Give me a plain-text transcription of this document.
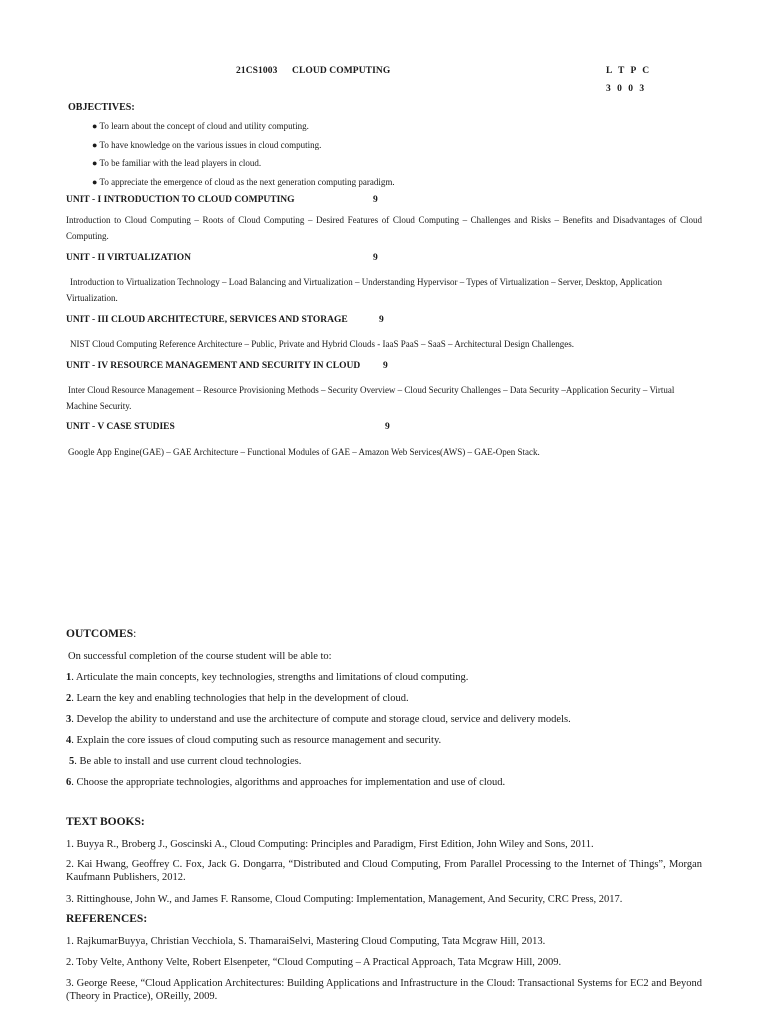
21CS1003 CLOUD COMPUTING	L T P C
3 0 0 3
OBJECTIVES:
● To learn about the concept of cloud and utility computing.
● To have knowledge on the various issues in cloud computing.
● To be familiar with the lead players in cloud.
● To appreciate the emergence of cloud as the next generation computing paradigm.
UNIT - I INTRODUCTION TO CLOUD COMPUTING	9
Introduction to Cloud Computing – Roots of Cloud Computing – Desired Features of Cloud Computing – Challenges and Risks – Benefits and Disadvantages of Cloud Computing.
UNIT - II VIRTUALIZATION	9
Introduction to Virtualization Technology – Load Balancing and Virtualization – Understanding Hypervisor – Types of Virtualization – Server, Desktop, Application Virtualization.
UNIT - III CLOUD ARCHITECTURE, SERVICES AND STORAGE	9
NIST Cloud Computing Reference Architecture – Public, Private and Hybrid Clouds - IaaS PaaS – SaaS – Architectural Design Challenges.
UNIT - IV RESOURCE MANAGEMENT AND SECURITY IN CLOUD 9
Inter Cloud Resource Management – Resource Provisioning Methods – Security Overview – Cloud Security Challenges – Data Security –Application Security – Virtual Machine Security.
UNIT - V CASE STUDIES	9
Google App Engine(GAE) – GAE Architecture – Functional Modules of GAE – Amazon Web Services(AWS) – GAE-Open Stack.
OUTCOMES:
On successful completion of the course student will be able to:
1. Articulate the main concepts, key technologies, strengths and limitations of cloud computing.
2. Learn the key and enabling technologies that help in the development of cloud.
3. Develop the ability to understand and use the architecture of compute and storage cloud, service and delivery models.
4. Explain the core issues of cloud computing such as resource management and security.
5. Be able to install and use current cloud technologies.
6. Choose the appropriate technologies, algorithms and approaches for implementation and use of cloud.
TEXT BOOKS:
1. Buyya R., Broberg J., Goscinski A., Cloud Computing: Principles and Paradigm, First Edition, John Wiley and Sons, 2011.
2. Kai Hwang, Geoffrey C. Fox, Jack G. Dongarra, “Distributed and Cloud Computing, From Parallel Processing to the Internet of Things”, Morgan Kaufmann Publishers, 2012.
3. Rittinghouse, John W., and James F. Ransome, Cloud Computing: Implementation, Management, And Security, CRC Press, 2017.
REFERENCES:
1. RajkumarBuyya, Christian Vecchiola, S. ThamaraiSelvi, Mastering Cloud Computing, Tata Mcgraw Hill, 2013.
2. Toby Velte, Anthony Velte, Robert Elsenpeter, “Cloud Computing – A Practical Approach, Tata Mcgraw Hill, 2009.
3. George Reese, “Cloud Application Architectures: Building Applications and Infrastructure in the Cloud: Transactional Systems for EC2 and Beyond (Theory in Practice), OReilly, 2009.
